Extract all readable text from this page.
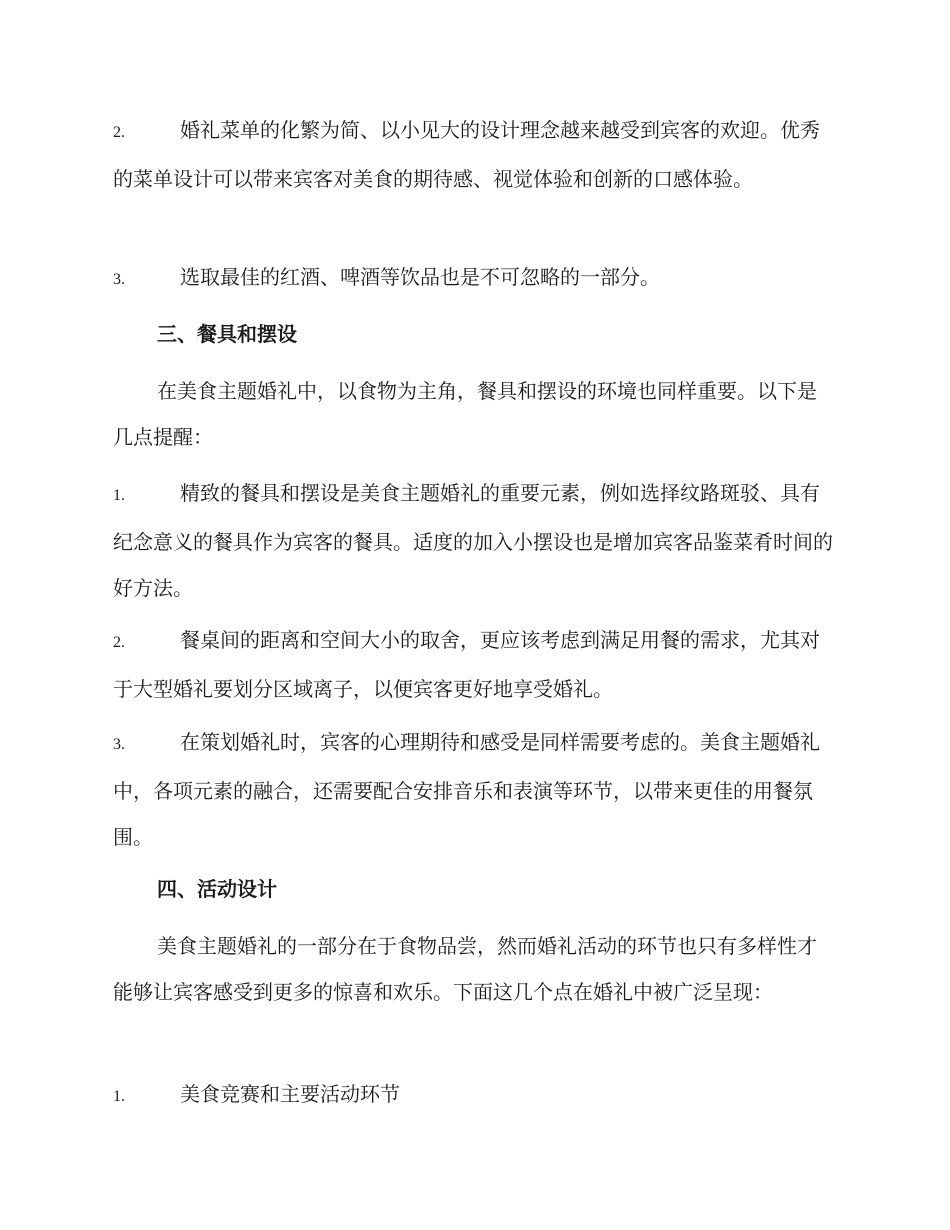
2.	婚礼菜单的化繁为简、以小见大的设计理念越来越受到宾客的欢迎。优秀的菜单设计可以带来宾客对美食的期待感、视觉体验和创新的口感体验。

3.	选取最佳的红酒、啤酒等饮品也是不可忽略的一部分。

三、餐具和摆设

在美食主题婚礼中，以食物为主角，餐具和摆设的环境也同样重要。以下是几点提醒：

1.	精致的餐具和摆设是美食主题婚礼的重要元素，例如选择纹路斑驳、具有纪念意义的餐具作为宾客的餐具。适度的加入小摆设也是增加宾客品鉴菜肴时间的好方法。

2.	餐桌间的距离和空间大小的取舍，更应该考虑到满足用餐的需求，尤其对于大型婚礼要划分区域离子，以便宾客更好地享受婚礼。

3.	在策划婚礼时，宾客的心理期待和感受是同样需要考虑的。美食主题婚礼中，各项元素的融合，还需要配合安排音乐和表演等环节，以带来更佳的用餐氛围。

四、活动设计

美食主题婚礼的一部分在于食物品尝，然而婚礼活动的环节也只有多样性才能够让宾客感受到更多的惊喜和欢乐。下面这几个点在婚礼中被广泛呈现：

1.	美食竞赛和主要活动环节
